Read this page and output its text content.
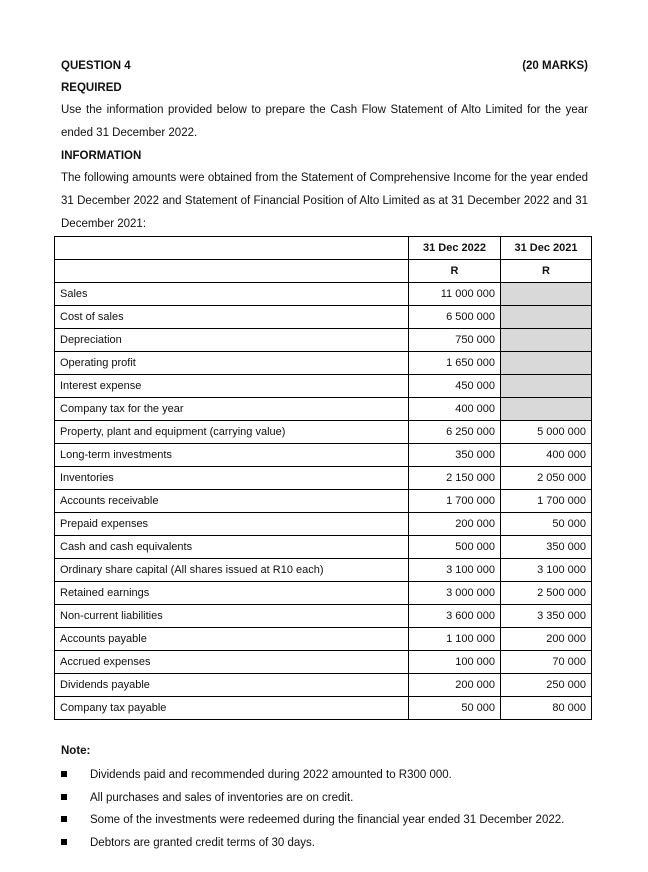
QUESTION 4	(20 MARKS)
REQUIRED
Use the information provided below to prepare the Cash Flow Statement of Alto Limited for the year ended 31 December 2022.
INFORMATION
The following amounts were obtained from the Statement of Comprehensive Income for the year ended 31 December 2022 and Statement of Financial Position of Alto Limited as at 31 December 2022 and 31 December 2021:
	31 Dec 2022	31 Dec 2021
	R	R
Sales	11 000 000	
Cost of sales	6 500 000	
Depreciation	750 000	
Operating profit	1 650 000	
Interest expense	450 000	
Company tax for the year	400 000	
Property, plant and equipment (carrying value)	6 250 000	5 000 000
Long-term investments	350 000	400 000
Inventories	2 150 000	2 050 000
Accounts receivable	1 700 000	1 700 000
Prepaid expenses	200 000	50 000
Cash and cash equivalents	500 000	350 000
Ordinary share capital (All shares issued at R10 each)	3 100 000	3 100 000
Retained earnings	3 000 000	2 500 000
Non-current liabilities	3 600 000	3 350 000
Accounts payable	1 100 000	200 000
Accrued expenses	100 000	70 000
Dividends payable	200 000	250 000
Company tax payable	50 000	80 000
Note:
Dividends paid and recommended during 2022 amounted to R300 000.
All purchases and sales of inventories are on credit.
Some of the investments were redeemed during the financial year ended 31 December 2022.
Debtors are granted credit terms of 30 days.
